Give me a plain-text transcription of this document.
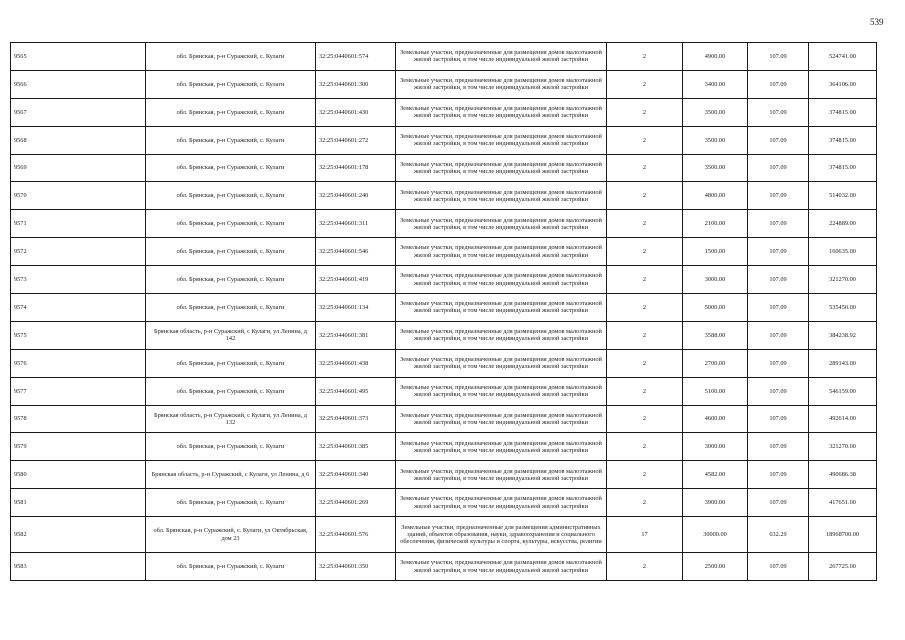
539
9565	обл. Брянская, р-н Суражский, с. Кулаги	32:25:0440601:574	Земельные участки, предназначенные для размещения домов малоэтажной жилой застройки, в том числе индивидуальной жилой застройки	2	4900.00	107.09	524741.00
9566	обл. Брянская, р-н Суражский, с. Кулаги	32:25:0440601:300	Земельные участки, предназначенные для размещения домов малоэтажной жилой застройки, в том числе индивидуальной жилой застройки	2	3400.00	107.09	364106.00
9567	обл. Брянская, р-н Суражский, с. Кулаги	32:25:0440601:430	Земельные участки, предназначенные для размещения домов малоэтажной жилой застройки, в том числе индивидуальной жилой застройки	2	3500.00	107.09	374815.00
9568	обл. Брянская, р-н Суражский, с. Кулаги	32:25:0440601:272	Земельные участки, предназначенные для размещения домов малоэтажной жилой застройки, в том числе индивидуальной жилой застройки	2	3500.00	107.09	374815.00
9569	обл. Брянская, р-н Суражский, с. Кулаги	32:25:0440601:178	Земельные участки, предназначенные для размещения домов малоэтажной жилой застройки, в том числе индивидуальной жилой застройки	2	3500.00	107.09	374815.00
9570	обл. Брянская, р-н Суражский, с. Кулаги	32:25:0440601:240	Земельные участки, предназначенные для размещения домов малоэтажной жилой застройки, в том числе индивидуальной жилой застройки	2	4800.00	107.09	514032.00
9571	обл. Брянская, р-н Суражский, с. Кулаги	32:25:0440601:311	Земельные участки, предназначенные для размещения домов малоэтажной жилой застройки, в том числе индивидуальной жилой застройки	2	2100.00	107.09	224889.00
9572	обл. Брянская, р-н Суражский, с. Кулаги	32:25:0440601:546	Земельные участки, предназначенные для размещения домов малоэтажной жилой застройки, в том числе индивидуальной жилой застройки	2	1500.00	107.09	160635.00
9573	обл. Брянская, р-н Суражский, с. Кулаги	32:25:0440601:419	Земельные участки, предназначенные для размещения домов малоэтажной жилой застройки, в том числе индивидуальной жилой застройки	2	3000.00	107.09	321270.00
9574	обл. Брянская, р-н Суражский, с. Кулаги	32:25:0440601:134	Земельные участки, предназначенные для размещения домов малоэтажной жилой застройки, в том числе индивидуальной жилой застройки	2	5000.00	107.09	535450.00
9575	Брянская область, р-н Суражский, с Кулаги, ул Ленина, д 142	32:25:0440601:381	Земельные участки, предназначенные для размещения домов малоэтажной жилой застройки, в том числе индивидуальной жилой застройки	2	3588.00	107.09	384238.92
9576	обл. Брянская, р-н Суражский, с. Кулаги	32:25:0440601:438	Земельные участки, предназначенные для размещения домов малоэтажной жилой застройки, в том числе индивидуальной жилой застройки	2	2700.00	107.09	289143.00
9577	обл. Брянская, р-н Суражский, с. Кулаги	32:25:0440601:495	Земельные участки, предназначенные для размещения домов малоэтажной жилой застройки, в том числе индивидуальной жилой застройки	2	5100.00	107.09	546159.00
9578	Брянская область, р-н Суражский, с Кулаги, ул Ленина, д 132	32:25:0440601:373	Земельные участки, предназначенные для размещения домов малоэтажной жилой застройки, в том числе индивидуальной жилой застройки	2	4600.00	107.09	492614.00
9579	обл. Брянская, р-н Суражский, с. Кулаги	32:25:0440601:385	Земельные участки, предназначенные для размещения домов малоэтажной жилой застройки, в том числе индивидуальной жилой застройки	2	3000.00	107.09	321270.00
9580	Брянская область, р-н Суражский, с Кулаги, ул Ленина, д 6	32:25:0440601:340	Земельные участки, предназначенные для размещения домов малоэтажной жилой застройки, в том числе индивидуальной жилой застройки	2	4582.00	107.09	490686.38
9581	обл. Брянская, р-н Суражский, с. Кулаги	32:25:0440601:269	Земельные участки, предназначенные для размещения домов малоэтажной жилой застройки, в том числе индивидуальной жилой застройки	2	3900.00	107.09	417651.00
9582	обл. Брянская, р-н Суражский, с. Кулаги, ул Октябрьская, дом 23	32:25:0440601:576	Земельные участки, предназначенные для размещения административных зданий, объектов образования, науки, здравоохранения и социального обеспечения, физической культуры и спорта, культуры, искусства, религии	17	30000.00	632.29	18968700.00
9583	обл. Брянская, р-н Суражский, с. Кулаги	32:25:0440601:350	Земельные участки, предназначенные для размещения домов малоэтажной жилой застройки, в том числе индивидуальной жилой застройки	2	2500.00	107.09	267725.00
